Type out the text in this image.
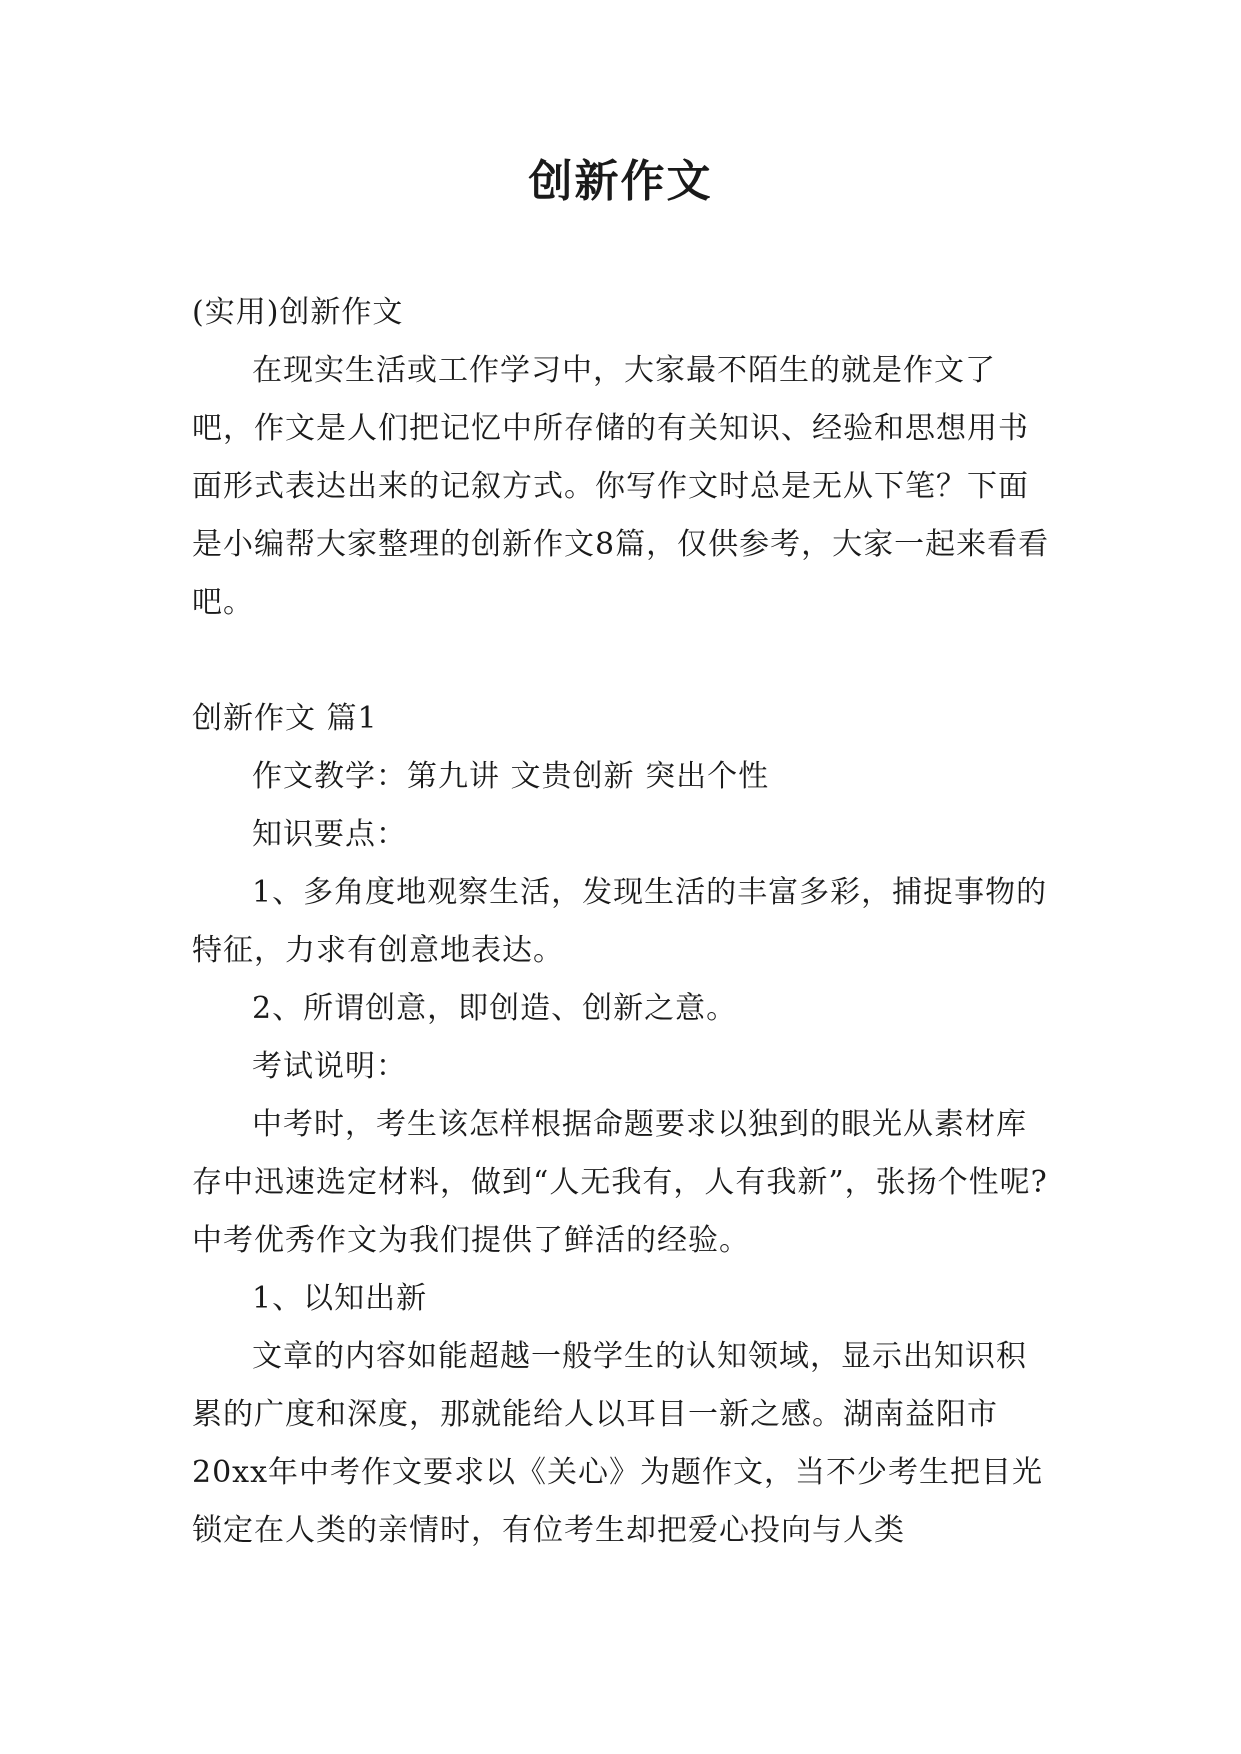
创新作文

(实用)创新作文

在现实生活或工作学习中，大家最不陌生的就是作文了吧，作文是人们把记忆中所存储的有关知识、经验和思想用书面形式表达出来的记叙方式。你写作文时总是无从下笔？下面是小编帮大家整理的创新作文8篇，仅供参考，大家一起来看看吧。

创新作文 篇1

作文教学：第九讲 文贵创新 突出个性

知识要点：

1、多角度地观察生活，发现生活的丰富多彩，捕捉事物的特征，力求有创意地表达。

2、所谓创意，即创造、创新之意。

考试说明：

中考时，考生该怎样根据命题要求以独到的眼光从素材库存中迅速选定材料，做到“人无我有，人有我新”，张扬个性呢?中考优秀作文为我们提供了鲜活的经验。

1、以知出新

文章的内容如能超越一般学生的认知领域，显示出知识积累的广度和深度，那就能给人以耳目一新之感。湖南益阳市20xx年中考作文要求以《关心》为题作文，当不少考生把目光锁定在人类的亲情时，有位考生却把爱心投向与人类
